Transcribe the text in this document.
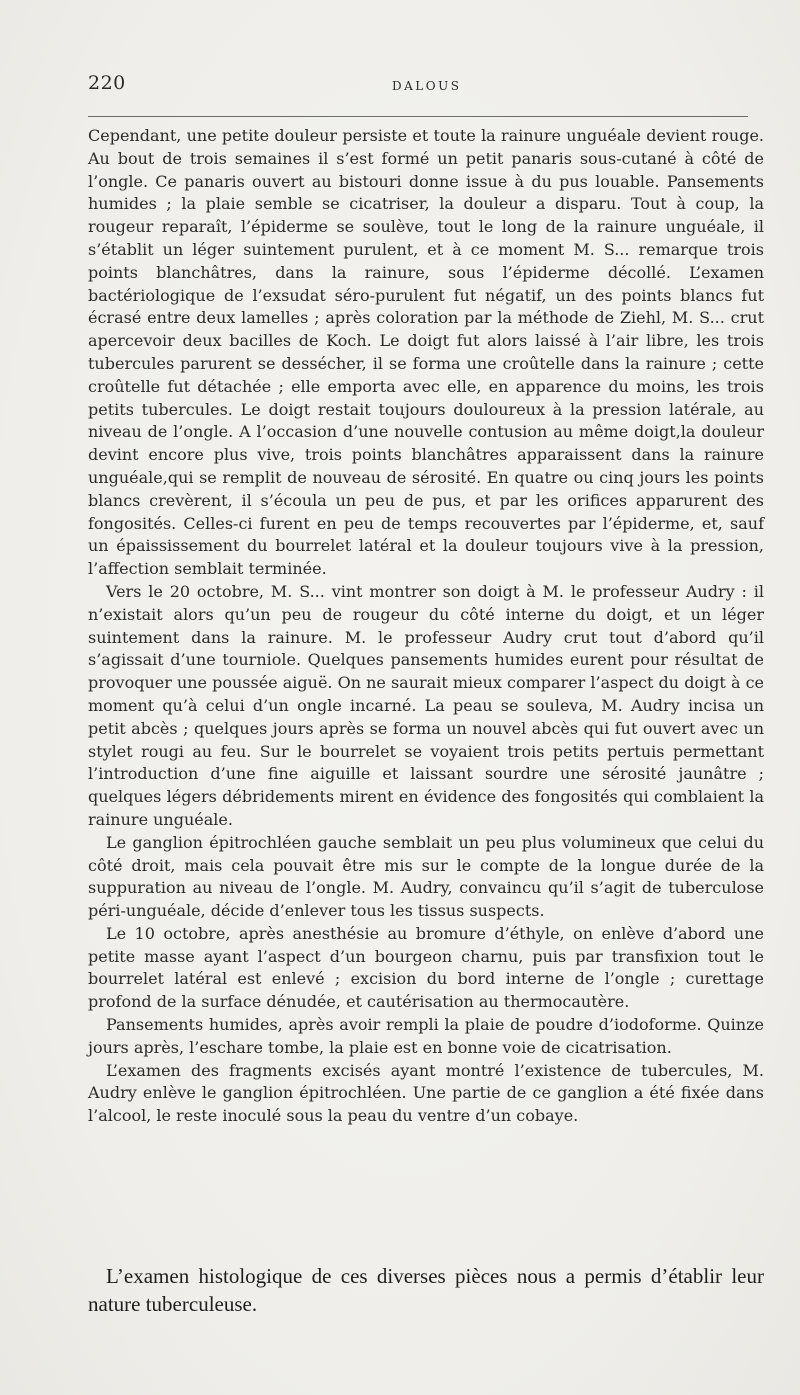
220	DALOUS

Cependant, une petite douleur persiste et toute la rainure unguéale devient rouge. Au bout de trois semaines il s’est formé un petit panaris sous-cutané à côté de l’ongle. Ce panaris ouvert au bistouri donne issue à du pus louable. Pansements humides ; la plaie semble se cicatriser, la douleur a disparu. Tout à coup, la rougeur reparaît, l’épiderme se soulève, tout le long de la rainure unguéale, il s’établit un léger suintement purulent, et à ce moment M. S... remarque trois points blanchâtres, dans la rainure, sous l’épiderme décollé. L’examen bactériologique de l’exsudat séro-purulent fut négatif, un des points blancs fut écrasé entre deux lamelles ; après coloration par la méthode de Ziehl, M. S... crut apercevoir deux bacilles de Koch. Le doigt fut alors laissé à l’air libre, les trois tubercules parurent se dessécher, il se forma une croûtelle dans la rainure ; cette croûtelle fut détachée ; elle emporta avec elle, en apparence du moins, les trois petits tubercules. Le doigt restait toujours douloureux à la pression latérale, au niveau de l’ongle. A l’occasion d’une nouvelle contusion au même doigt,la douleur devint encore plus vive, trois points blanchâtres apparaissent dans la rainure unguéale,qui se remplit de nouveau de sérosité. En quatre ou cinq jours les points blancs crevèrent, il s’écoula un peu de pus, et par les orifices apparurent des fongosités. Celles-ci furent en peu de temps recouvertes par l’épiderme, et, sauf un épaississement du bourrelet latéral et la douleur toujours vive à la pression, l’affection semblait terminée.

Vers le 20 octobre, M. S... vint montrer son doigt à M. le professeur Audry : il n’existait alors qu’un peu de rougeur du côté interne du doigt, et un léger suintement dans la rainure. M. le professeur Audry crut tout d’abord qu’il s’agissait d’une tourniole. Quelques pansements humides eurent pour résultat de provoquer une poussée aiguë. On ne saurait mieux comparer l’aspect du doigt à ce moment qu’à celui d’un ongle incarné. La peau se souleva, M. Audry incisa un petit abcès ; quelques jours après se forma un nouvel abcès qui fut ouvert avec un stylet rougi au feu. Sur le bourrelet se voyaient trois petits pertuis permettant l’introduction d’une fine aiguille et laissant sourdre une sérosité jaunâtre ; quelques légers débridements mirent en évidence des fongosités qui comblaient la rainure unguéale.

Le ganglion épitrochléen gauche semblait un peu plus volumineux que celui du côté droit, mais cela pouvait être mis sur le compte de la longue durée de la suppuration au niveau de l’ongle. M. Audry, convaincu qu’il s’agit de tuberculose péri-unguéale, décide d’enlever tous les tissus suspects.

Le 10 octobre, après anesthésie au bromure d’éthyle, on enlève d’abord une petite masse ayant l’aspect d’un bourgeon charnu, puis par transfixion tout le bourrelet latéral est enlevé ; excision du bord interne de l’ongle ; curettage profond de la surface dénudée, et cautérisation au thermocautère.

Pansements humides, après avoir rempli la plaie de poudre d’iodoforme. Quinze jours après, l’eschare tombe, la plaie est en bonne voie de cicatrisation.

L’examen des fragments excisés ayant montré l’existence de tubercules, M. Audry enlève le ganglion épitrochléen. Une partie de ce ganglion a été fixée dans l’alcool, le reste inoculé sous la peau du ventre d’un cobaye.

L’examen histologique de ces diverses pièces nous a permis d’établir leur nature tuberculeuse.
